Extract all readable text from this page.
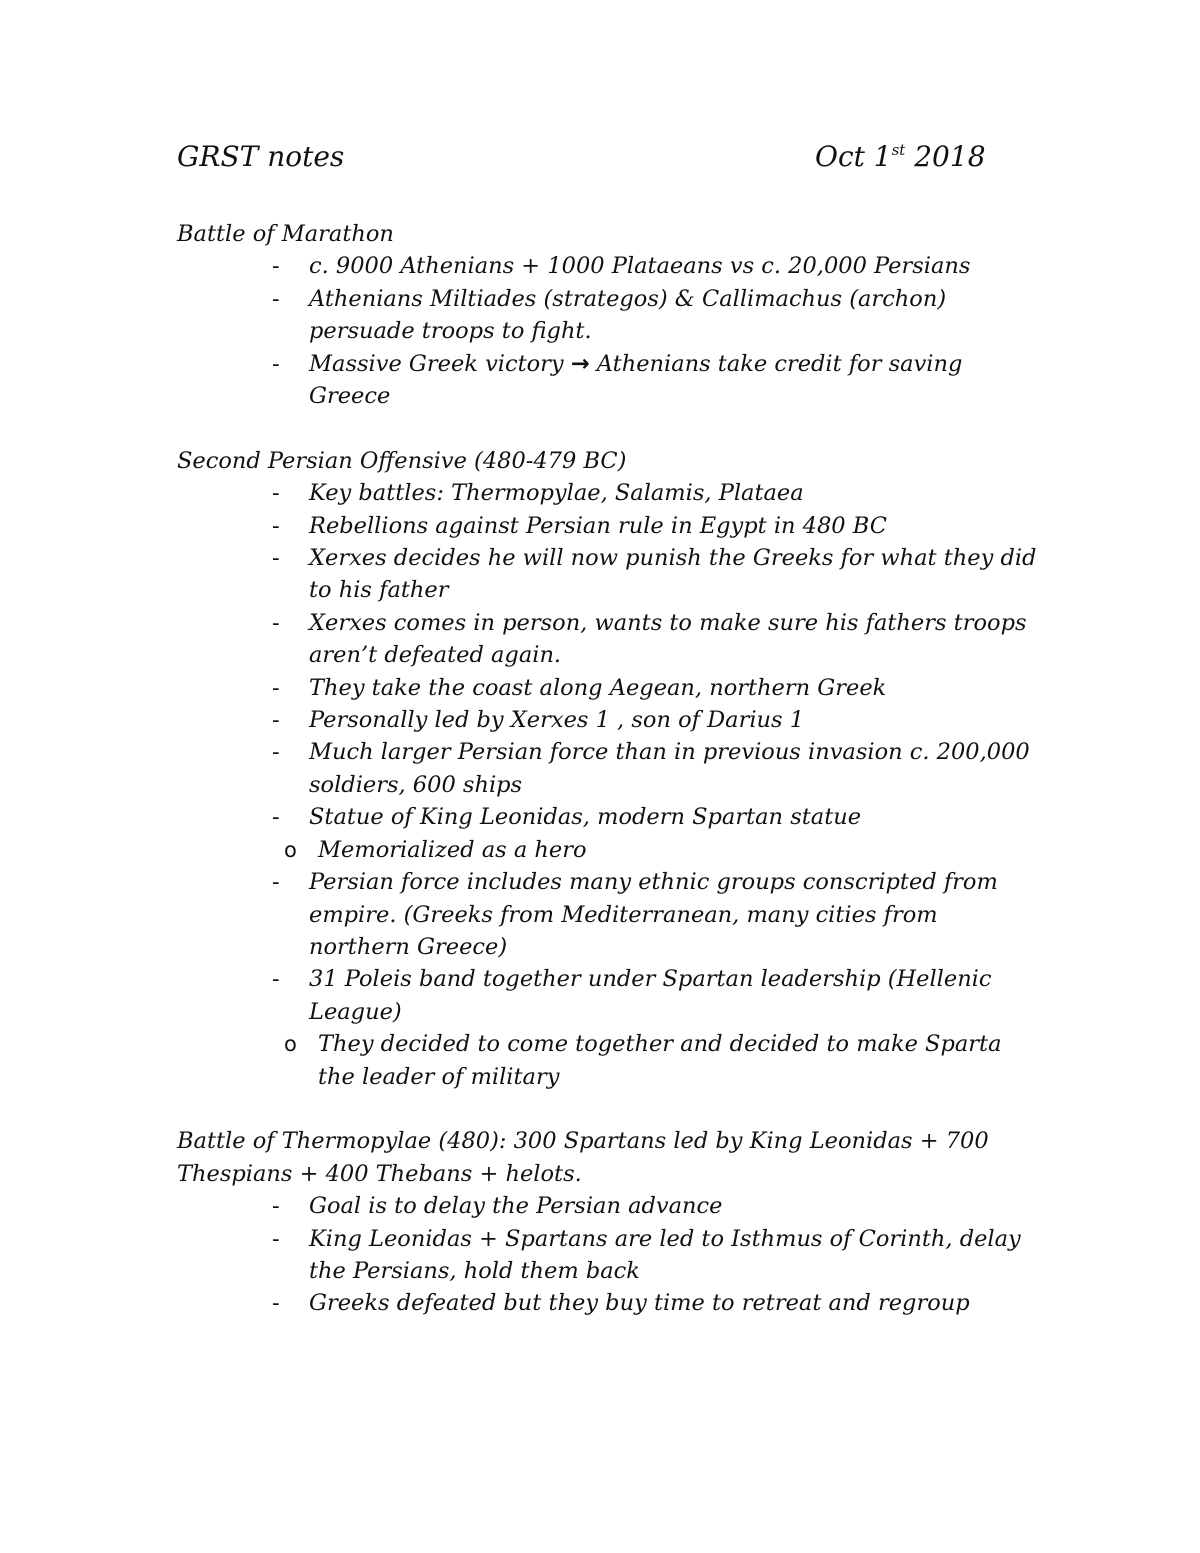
GRST notes	Oct 1st 2018
Battle of Marathon
- c. 9000 Athenians + 1000 Plataeans vs c. 20,000 Persians
- Athenians Miltiades (strategos) & Callimachus (archon) persuade troops to fight.
- Massive Greek victory → Athenians take credit for saving Greece
Second Persian Offensive (480-479 BC)
- Key battles: Thermopylae, Salamis, Plataea
- Rebellions against Persian rule in Egypt in 480 BC
- Xerxes decides he will now punish the Greeks for what they did to his father
- Xerxes comes in person, wants to make sure his fathers troops aren’t defeated again.
- They take the coast along Aegean, northern Greek
- Personally led by Xerxes 1 , son of Darius 1
- Much larger Persian force than in previous invasion c. 200,000 soldiers, 600 ships
- Statue of King Leonidas, modern Spartan statue
o Memorialized as a hero
- Persian force includes many ethnic groups conscripted from empire. (Greeks from Mediterranean, many cities from northern Greece)
- 31 Poleis band together under Spartan leadership (Hellenic League)
o They decided to come together and decided to make Sparta the leader of military
Battle of Thermopylae (480): 300 Spartans led by King Leonidas + 700 Thespians + 400 Thebans + helots.
- Goal is to delay the Persian advance
- King Leonidas + Spartans are led to Isthmus of Corinth, delay the Persians, hold them back
- Greeks defeated but they buy time to retreat and regroup
